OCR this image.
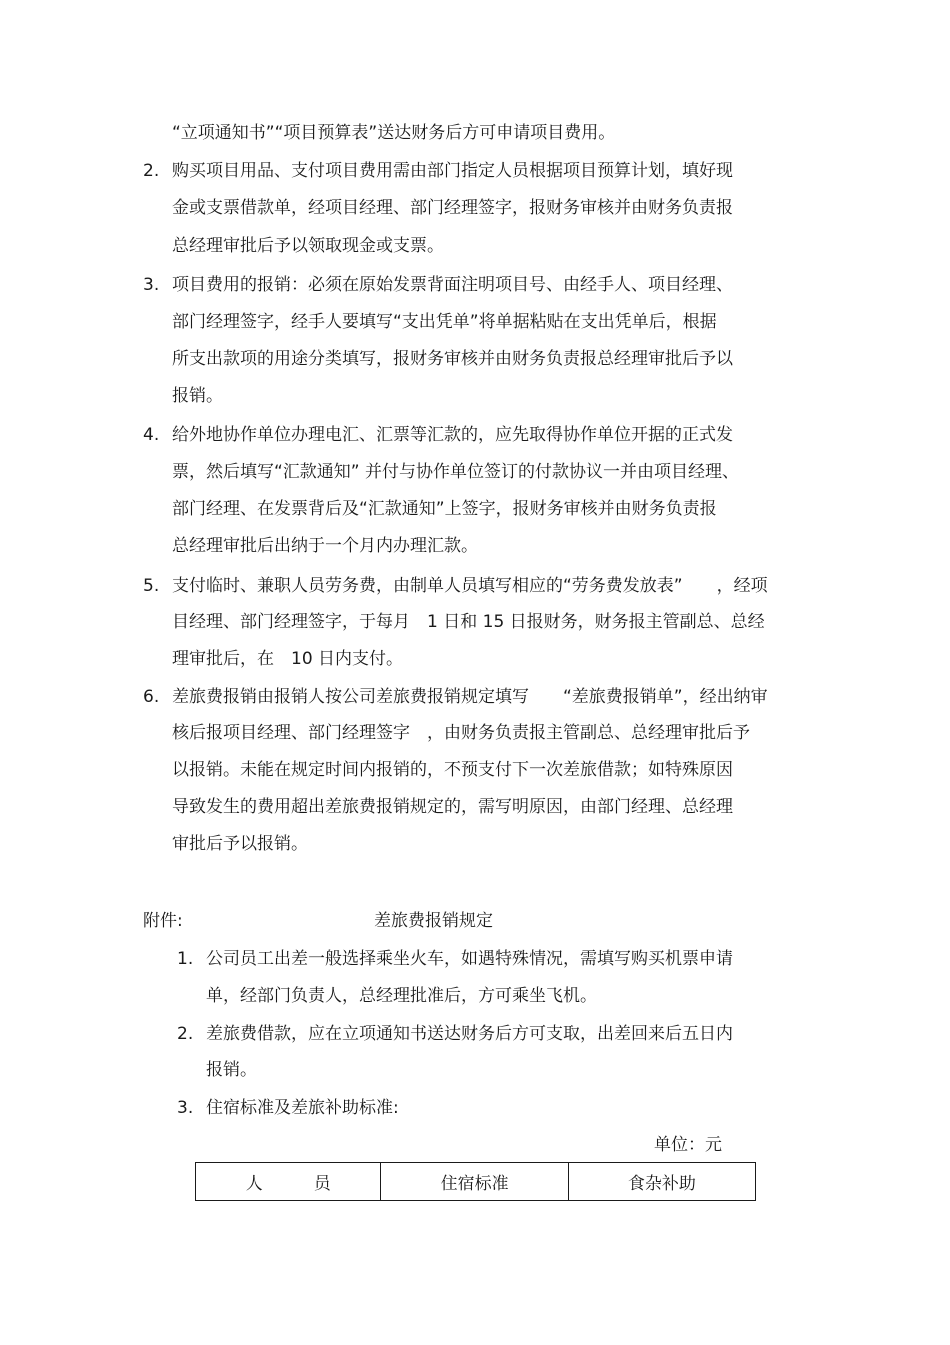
“立项通知书”“项目预算表”送达财务后方可申请项目费用。
2. 购买项目用品、支付项目费用需由部门指定人员根据项目预算计划，填好现
金或支票借款单，经项目经理、部门经理签字，报财务审核并由财务负责报
总经理审批后予以领取现金或支票。
3. 项目费用的报销：必须在原始发票背面注明项目号、由经手人、项目经理、
部门经理签字，经手人要填写“支出凭单”将单据粘贴在支出凭单后，根据
所支出款项的用途分类填写，报财务审核并由财务负责报总经理审批后予以
报销。
4. 给外地协作单位办理电汇、汇票等汇款的，应先取得协作单位开据的正式发
票，然后填写“汇款通知” 并付与协作单位签订的付款协议一并由项目经理、
部门经理、在发票背后及“汇款通知”上签字，报财务审核并由财务负责报
总经理审批后出纳于一个月内办理汇款。
5. 支付临时、兼职人员劳务费，由制单人员填写相应的“劳务费发放表”　　，经项
目经理、部门经理签字，于每月　1 日和 15 日报财务，财务报主管副总、总经
理审批后，在　10 日内支付。
6. 差旅费报销由报销人按公司差旅费报销规定填写　　“差旅费报销单”，经出纳审
核后报项目经理、部门经理签字　，由财务负责报主管副总、总经理审批后予
以报销。未能在规定时间内报销的，不预支付下一次差旅借款；如特殊原因
导致发生的费用超出差旅费报销规定的，需写明原因，由部门经理、总经理
审批后予以报销。
附件:	差旅费报销规定
1. 公司员工出差一般选择乘坐火车，如遇特殊情况，需填写购买机票申请
单，经部门负责人，总经理批准后，方可乘坐飞机。
2. 差旅费借款，应在立项通知书送达财务后方可支取，出差回来后五日内
报销。
3. 住宿标准及差旅补助标准:
单位：元
人　　　员	住宿标准	食杂补助
